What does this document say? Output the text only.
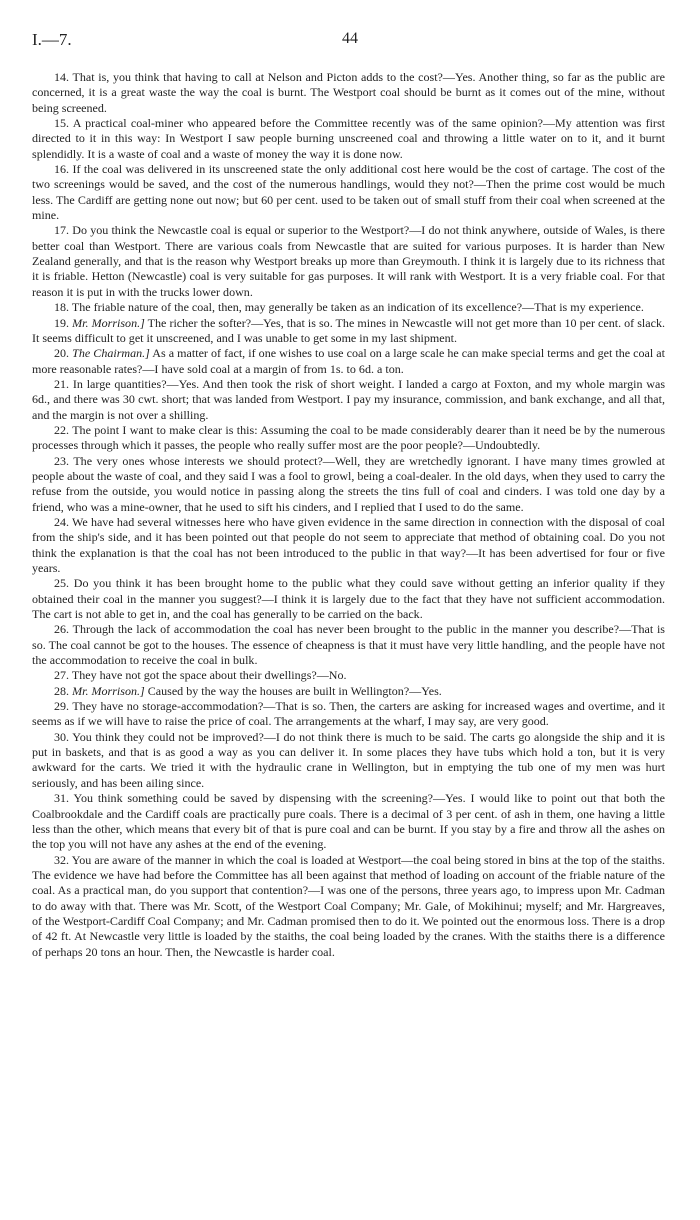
I.—7.	44

14. That is, you think that having to call at Nelson and Picton adds to the cost?—Yes. Another thing, so far as the public are concerned, it is a great waste the way the coal is burnt. The Westport coal should be burnt as it comes out of the mine, without being screened.

15. A practical coal-miner who appeared before the Committee recently was of the same opinion?—My attention was first directed to it in this way: In Westport I saw people burning unscreened coal and throwing a little water on to it, and it burnt splendidly. It is a waste of coal and a waste of money the way it is done now.

16. If the coal was delivered in its unscreened state the only additional cost here would be the cost of cartage. The cost of the two screenings would be saved, and the cost of the numerous handlings, would they not?—Then the prime cost would be much less. The Cardiff are getting none out now; but 60 per cent. used to be taken out of small stuff from their coal when screened at the mine.

17. Do you think the Newcastle coal is equal or superior to the Westport?—I do not think anywhere, outside of Wales, is there better coal than Westport. There are various coals from Newcastle that are suited for various purposes. It is harder than New Zealand generally, and that is the reason why Westport breaks up more than Greymouth. I think it is largely due to its richness that it is friable. Hetton (Newcastle) coal is very suitable for gas purposes. It will rank with Westport. It is a very friable coal. For that reason it is put in with the trucks lower down.

18. The friable nature of the coal, then, may generally be taken as an indication of its excellence?—That is my experience.

19. Mr. Morrison.] The richer the softer?—Yes, that is so. The mines in Newcastle will not get more than 10 per cent. of slack. It seems difficult to get it unscreened, and I was unable to get some in my last shipment.

20. The Chairman.] As a matter of fact, if one wishes to use coal on a large scale he can make special terms and get the coal at more reasonable rates?—I have sold coal at a margin of from 1s. to 6d. a ton.

21. In large quantities?—Yes. And then took the risk of short weight. I landed a cargo at Foxton, and my whole margin was 6d., and there was 30 cwt. short; that was landed from Westport. I pay my insurance, commission, and bank exchange, and all that, and the margin is not over a shilling.

22. The point I want to make clear is this: Assuming the coal to be made considerably dearer than it need be by the numerous processes through which it passes, the people who really suffer most are the poor people?—Undoubtedly.

23. The very ones whose interests we should protect?—Well, they are wretchedly ignorant. I have many times growled at people about the waste of coal, and they said I was a fool to growl, being a coal-dealer. In the old days, when they used to carry the refuse from the outside, you would notice in passing along the streets the tins full of coal and cinders. I was told one day by a friend, who was a mine-owner, that he used to sift his cinders, and I replied that I used to do the same.

24. We have had several witnesses here who have given evidence in the same direction in connection with the disposal of coal from the ship's side, and it has been pointed out that people do not seem to appreciate that method of obtaining coal. Do you not think the explanation is that the coal has not been introduced to the public in that way?—It has been advertised for four or five years.

25. Do you think it has been brought home to the public what they could save without getting an inferior quality if they obtained their coal in the manner you suggest?—I think it is largely due to the fact that they have not sufficient accommodation. The cart is not able to get in, and the coal has generally to be carried on the back.

26. Through the lack of accommodation the coal has never been brought to the public in the manner you describe?—That is so. The coal cannot be got to the houses. The essence of cheapness is that it must have very little handling, and the people have not the accommodation to receive the coal in bulk.

27. They have not got the space about their dwellings?—No.

28. Mr. Morrison.] Caused by the way the houses are built in Wellington?—Yes.

29. They have no storage-accommodation?—That is so. Then, the carters are asking for increased wages and overtime, and it seems as if we will have to raise the price of coal. The arrangements at the wharf, I may say, are very good.

30. You think they could not be improved?—I do not think there is much to be said. The carts go alongside the ship and it is put in baskets, and that is as good a way as you can deliver it. In some places they have tubs which hold a ton, but it is very awkward for the carts. We tried it with the hydraulic crane in Wellington, but in emptying the tub one of my men was hurt seriously, and has been ailing since.

31. You think something could be saved by dispensing with the screening?—Yes. I would like to point out that both the Coalbrookdale and the Cardiff coals are practically pure coals. There is a decimal of 3 per cent. of ash in them, one having a little less than the other, which means that every bit of that is pure coal and can be burnt. If you stay by a fire and throw all the ashes on the top you will not have any ashes at the end of the evening.

32. You are aware of the manner in which the coal is loaded at Westport—the coal being stored in bins at the top of the staiths. The evidence we have had before the Committee has all been against that method of loading on account of the friable nature of the coal. As a practical man, do you support that contention?—I was one of the persons, three years ago, to impress upon Mr. Cadman to do away with that. There was Mr. Scott, of the Westport Coal Company; Mr. Gale, of Mokihinui; myself; and Mr. Hargreaves, of the Westport-Cardiff Coal Company; and Mr. Cadman promised then to do it. We pointed out the enormous loss. There is a drop of 42 ft. At Newcastle very little is loaded by the staiths, the coal being loaded by the cranes. With the staiths there is a difference of perhaps 20 tons an hour. Then, the Newcastle is harder coal.
